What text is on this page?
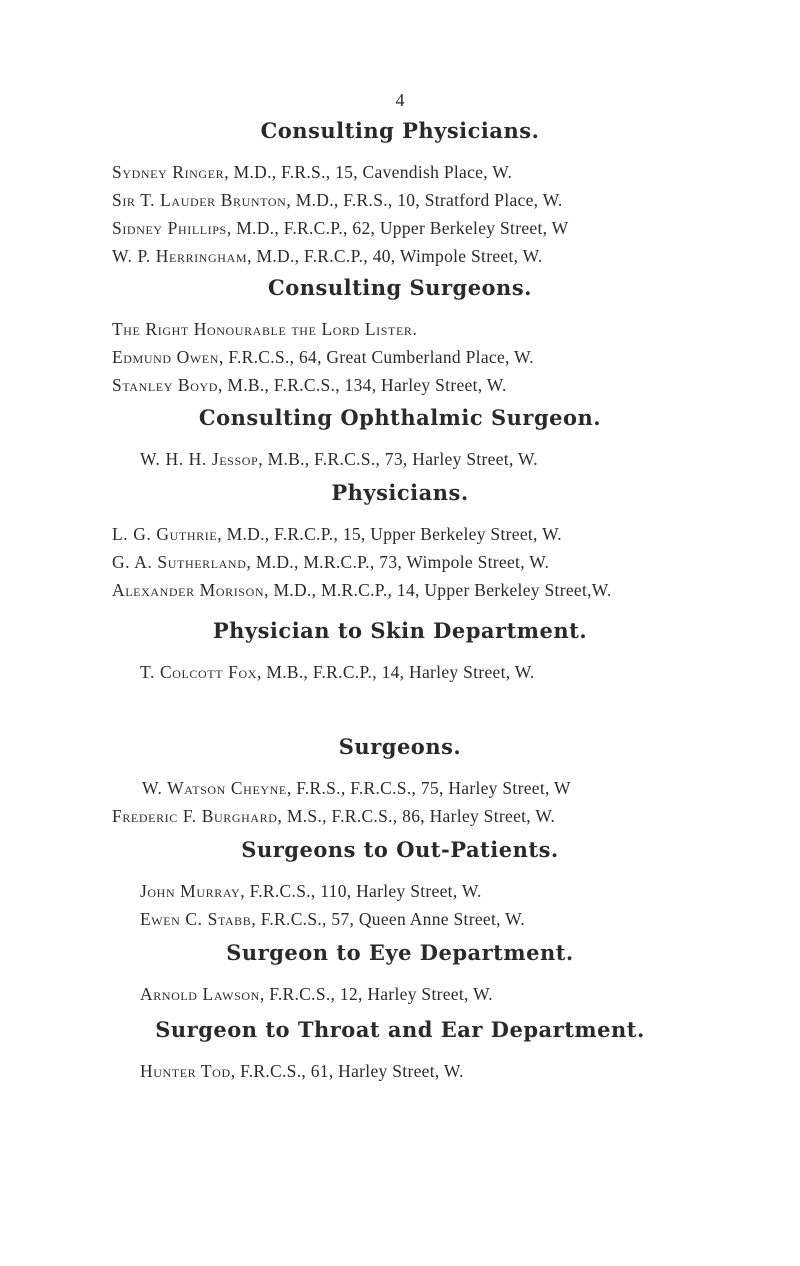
4
Consulting Physicians.
Sydney Ringer, M.D., F.R.S., 15, Cavendish Place, W.
Sir T. Lauder Brunton, M.D., F.R.S., 10, Stratford Place, W.
Sidney Phillips, M.D., F.R.C.P., 62, Upper Berkeley Street, W
W. P. Herringham, M.D., F.R.C.P., 40, Wimpole Street, W.
Consulting Surgeons.
The Right Honourable the Lord Lister.
Edmund Owen, F.R.C.S., 64, Great Cumberland Place, W.
Stanley Boyd, M.B., F.R.C.S., 134, Harley Street, W.
Consulting Ophthalmic Surgeon.
W. H. H. Jessop, M.B., F.R.C.S., 73, Harley Street, W.
Physicians.
L. G. Guthrie, M.D., F.R.C.P., 15, Upper Berkeley Street, W.
G. A. Sutherland, M.D., M.R.C.P., 73, Wimpole Street, W.
Alexander Morison, M.D., M.R.C.P., 14, Upper Berkeley Street,W.
Physician to Skin Department.
T. Colcott Fox, M.B., F.R.C.P., 14, Harley Street, W.
Surgeons.
W. Watson Cheyne, F.R.S., F.R.C.S., 75, Harley Street, W
Frederic F. Burghard, M.S., F.R.C.S., 86, Harley Street, W.
Surgeons to Out-Patients.
John Murray, F.R.C.S., 110, Harley Street, W.
Ewen C. Stabb, F.R.C.S., 57, Queen Anne Street, W.
Surgeon to Eye Department.
Arnold Lawson, F.R.C.S., 12, Harley Street, W.
Surgeon to Throat and Ear Department.
Hunter Tod, F.R.C.S., 61, Harley Street, W.
